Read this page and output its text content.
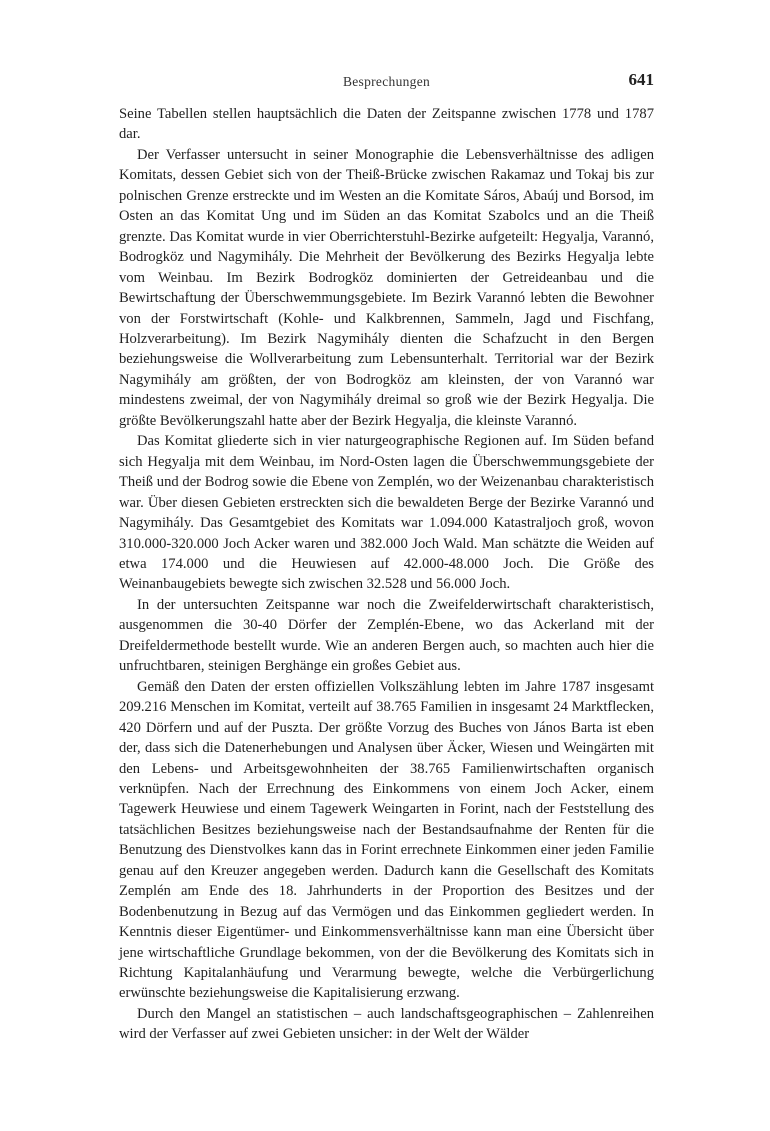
Besprechungen	641

Seine Tabellen stellen hauptsächlich die Daten der Zeitspanne zwischen 1778 und 1787 dar.

Der Verfasser untersucht in seiner Monographie die Lebensverhältnisse des adligen Komitats, dessen Gebiet sich von der Theiß-Brücke zwischen Rakamaz und Tokaj bis zur polnischen Grenze erstreckte und im Westen an die Komitate Sáros, Abaúj und Borsod, im Osten an das Komitat Ung und im Süden an das Komitat Szabolcs und an die Theiß grenzte. Das Komitat wurde in vier Oberrichterstuhl-Bezirke aufgeteilt: Hegyalja, Varannó, Bodrogköz und Nagymihály. Die Mehrheit der Bevölkerung des Bezirks Hegyalja lebte vom Weinbau. Im Bezirk Bodrogköz dominierten der Getreideanbau und die Bewirtschaftung der Überschwemmungsgebiete. Im Bezirk Varannó lebten die Bewohner von der Forstwirtschaft (Kohle- und Kalkbrennen, Sammeln, Jagd und Fischfang, Holzverarbeitung). Im Bezirk Nagymihály dienten die Schafzucht in den Bergen beziehungsweise die Wollverarbeitung zum Lebensunterhalt. Territorial war der Bezirk Nagymihály am größten, der von Bodrogköz am kleinsten, der von Varannó war mindestens zweimal, der von Nagymihály dreimal so groß wie der Bezirk Hegyalja. Die größte Bevölkerungszahl hatte aber der Bezirk Hegyalja, die kleinste Varannó.

Das Komitat gliederte sich in vier naturgeographische Regionen auf. Im Süden befand sich Hegyalja mit dem Weinbau, im Nord-Osten lagen die Überschwemmungsgebiete der Theiß und der Bodrog sowie die Ebene von Zemplén, wo der Weizenanbau charakteristisch war. Über diesen Gebieten erstreckten sich die bewaldeten Berge der Bezirke Varannó und Nagymihály. Das Gesamtgebiet des Komitats war 1.094.000 Katastraljoch groß, wovon 310.000-320.000 Joch Acker waren und 382.000 Joch Wald. Man schätzte die Weiden auf etwa 174.000 und die Heuwiesen auf 42.000-48.000 Joch. Die Größe des Weinanbaugebiets bewegte sich zwischen 32.528 und 56.000 Joch.

In der untersuchten Zeitspanne war noch die Zweifelderwirtschaft charakteristisch, ausgenommen die 30-40 Dörfer der Zemplén-Ebene, wo das Ackerland mit der Dreifeldermethode bestellt wurde. Wie an anderen Bergen auch, so machten auch hier die unfruchtbaren, steinigen Berghänge ein großes Gebiet aus.

Gemäß den Daten der ersten offiziellen Volkszählung lebten im Jahre 1787 insgesamt 209.216 Menschen im Komitat, verteilt auf 38.765 Familien in insgesamt 24 Marktflecken, 420 Dörfern und auf der Puszta. Der größte Vorzug des Buches von János Barta ist eben der, dass sich die Datenerhebungen und Analysen über Äcker, Wiesen und Weingärten mit den Lebens- und Arbeitsgewohnheiten der 38.765 Familienwirtschaften organisch verknüpfen. Nach der Errechnung des Einkommens von einem Joch Acker, einem Tagewerk Heuwiese und einem Tagewerk Weingarten in Forint, nach der Feststellung des tatsächlichen Besitzes beziehungsweise nach der Bestandsaufnahme der Renten für die Benutzung des Dienstvolkes kann das in Forint errechnete Einkommen einer jeden Familie genau auf den Kreuzer angegeben werden. Dadurch kann die Gesellschaft des Komitats Zemplén am Ende des 18. Jahrhunderts in der Proportion des Besitzes und der Bodenbenutzung in Bezug auf das Vermögen und das Einkommen gegliedert werden. In Kenntnis dieser Eigentümer- und Einkommensverhältnisse kann man eine Übersicht über jene wirtschaftliche Grundlage bekommen, von der die Bevölkerung des Komitats sich in Richtung Kapitalanhäufung und Verarmung bewegte, welche die Verbürgerlichung erwünschte beziehungsweise die Kapitalisierung erzwang.

Durch den Mangel an statistischen – auch landschaftsgeographischen – Zahlenreihen wird der Verfasser auf zwei Gebieten unsicher: in der Welt der Wälder
